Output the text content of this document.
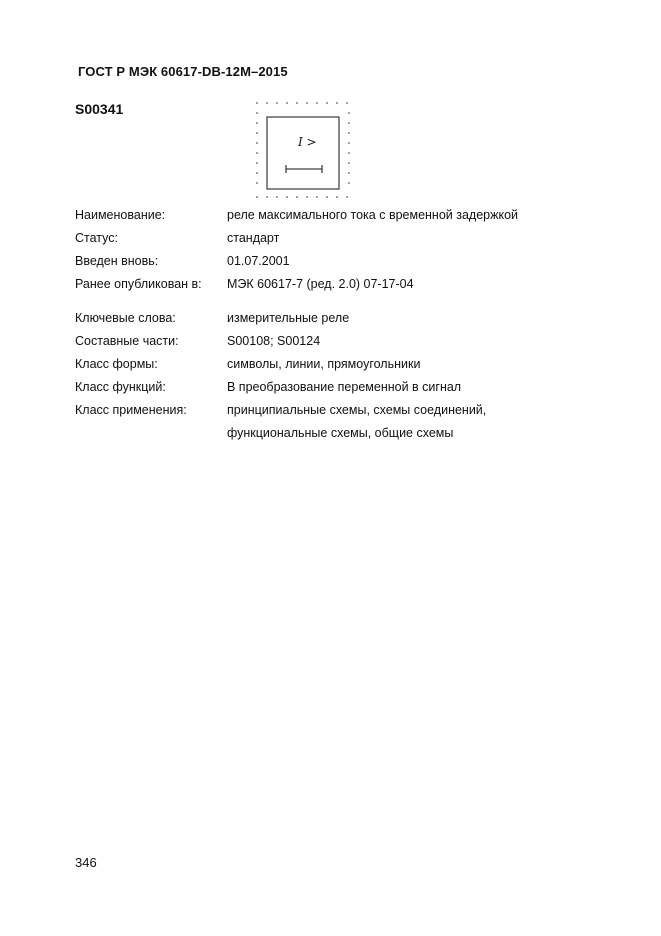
ГОСТ Р МЭК 60617-DB-12M–2015
S00341
I >
Наименование:	реле максимального тока с временной задержкой
Статус:	стандарт
Введен вновь:	01.07.2001
Ранее опубликован в:	МЭК 60617-7 (ред. 2.0) 07-17-04
Ключевые слова:	измерительные реле
Составные части:	S00108; S00124
Класс формы:	символы, линии, прямоугольники
Класс функций:	В преобразование переменной в сигнал
Класс применения:	принципиальные схемы, схемы соединений,
функциональные схемы, общие схемы
346
